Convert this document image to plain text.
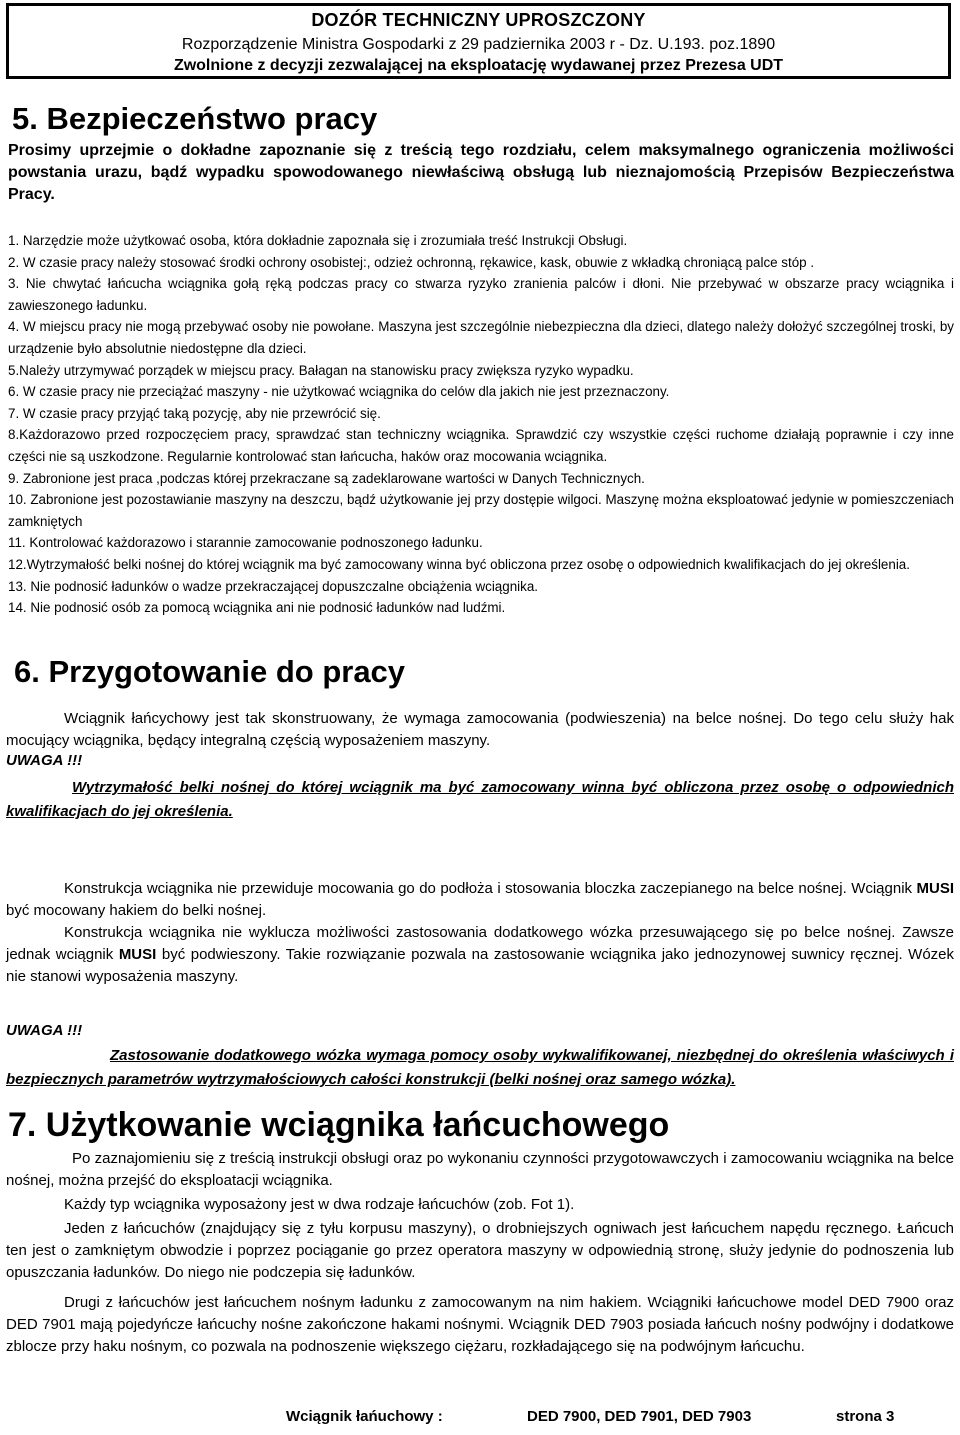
DOZÓR TECHNICZNY UPROSZCZONY
Rozporządzenie Ministra Gospodarki z 29 padziernika 2003 r - Dz. U.193. poz.1890
Zwolnione z decyzji zezwalającej na eksploatację wydawanej przez Prezesa UDT
5. Bezpieczeństwo pracy
Prosimy uprzejmie o dokładne zapoznanie się z treścią tego rozdziału, celem maksymalnego ograniczenia możliwości powstania urazu, bądź wypadku spowodowanego niewłaściwą obsługą lub nieznajomością Przepisów Bezpieczeństwa Pracy.
1. Narzędzie może użytkować osoba, która dokładnie zapoznała się i zrozumiała treść Instrukcji Obsługi.
2. W czasie pracy należy stosować środki ochrony osobistej:, odzież ochronną, rękawice, kask, obuwie z wkładką chroniącą palce stóp .
3. Nie chwytać łańcucha wciągnika gołą ręką podczas pracy co stwarza ryzyko zranienia palców i dłoni. Nie przebywać w obszarze pracy wciągnika i zawieszonego ładunku.
4. W miejscu pracy nie mogą przebywać osoby nie powołane. Maszyna jest szczególnie niebezpieczna dla dzieci, dlatego należy dołożyć szczególnej troski, by urządzenie było absolutnie niedostępne dla dzieci.
5.Należy utrzymywać porządek w miejscu pracy. Bałagan na stanowisku pracy zwiększa ryzyko wypadku.
6. W czasie pracy nie przeciążać maszyny - nie użytkować wciągnika do celów dla jakich nie jest przeznaczony.
7. W czasie pracy przyjąć taką pozycję, aby nie przewrócić się.
8.Każdorazowo przed rozpoczęciem pracy, sprawdzać stan techniczny wciągnika. Sprawdzić czy wszystkie części ruchome działają poprawnie i czy inne części nie są uszkodzone. Regularnie kontrolować stan łańcucha, haków oraz mocowania wciągnika.
9. Zabronione jest praca ,podczas której przekraczane są zadeklarowane wartości w Danych Technicznych.
10. Zabronione jest pozostawianie maszyny na deszczu, bądź użytkowanie jej przy dostępie wilgoci. Maszynę można eksploatować jedynie w pomieszczeniach zamkniętych
11. Kontrolować każdorazowo i starannie zamocowanie podnoszonego ładunku.
12.Wytrzymałość belki nośnej do której wciągnik ma być zamocowany winna być obliczona przez osobę o odpowiednich kwalifikacjach do jej określenia.
13. Nie podnosić ładunków o wadze przekraczającej dopuszczalne obciążenia wciągnika.
14. Nie podnosić osób za pomocą wciągnika ani nie podnosić ładunków nad ludźmi.
6. Przygotowanie do pracy
Wciągnik łańcychowy jest tak skonstruowany, że wymaga zamocowania (podwieszenia) na belce nośnej. Do tego celu służy hak mocujący wciągnika, będący integralną częścią wyposażeniem maszyny.
UWAGA !!!
Wytrzymałość belki nośnej do której wciągnik ma być zamocowany winna być obliczona przez osobę o odpowiednich kwalifikacjach do jej określenia.
Konstrukcja wciągnika nie przewiduje mocowania go do podłoża i stosowania bloczka zaczepianego na belce nośnej. Wciągnik MUSI być mocowany hakiem do belki nośnej.
Konstrukcja wciągnika nie wyklucza możliwości zastosowania dodatkowego wózka przesuwającego się po belce nośnej. Zawsze jednak wciągnik MUSI być podwieszony. Takie rozwiązanie pozwala na zastosowanie wciągnika jako jednozynowej suwnicy ręcznej. Wózek nie stanowi wyposażenia maszyny.
UWAGA !!!
Zastosowanie dodatkowego wózka wymaga pomocy osoby wykwalifikowanej, niezbędnej do określenia właściwych i bezpiecznych parametrów wytrzymałościowych całości konstrukcji (belki nośnej oraz samego wózka).
7. Użytkowanie wciągnika łańcuchowego
Po zaznajomieniu się z treścią instrukcji obsługi oraz po wykonaniu czynności przygotowawczych i zamocowaniu wciągnika na belce nośnej, można przejść do eksploatacji wciągnika.
Każdy typ wciągnika wyposażony jest w dwa rodzaje łańcuchów (zob. Fot 1).
Jeden z łańcuchów (znajdujący się z tyłu korpusu maszyny), o drobniejszych ogniwach jest łańcuchem napędu ręcznego. Łańcuch ten jest o zamkniętym obwodzie i poprzez pociąganie go przez operatora maszyny w odpowiednią stronę, służy jedynie do podnoszenia lub opuszczania ładunków. Do niego nie podczepia się ładunków.
Drugi z łańcuchów jest łańcuchem nośnym ładunku z zamocowanym na nim hakiem. Wciągniki łańcuchowe model DED 7900 oraz DED 7901 mają pojedyńcze łańcuchy nośne zakończone hakami nośnymi. Wciągnik DED 7903 posiada łańcuch nośny podwójny i dodatkowe zblocze przy haku nośnym, co pozwala na podnoszenie większego ciężaru, rozkładającego się na podwójnym łańcuchu.
Wciągnik łańuchowy :	DED 7900, DED 7901, DED 7903	strona 3
